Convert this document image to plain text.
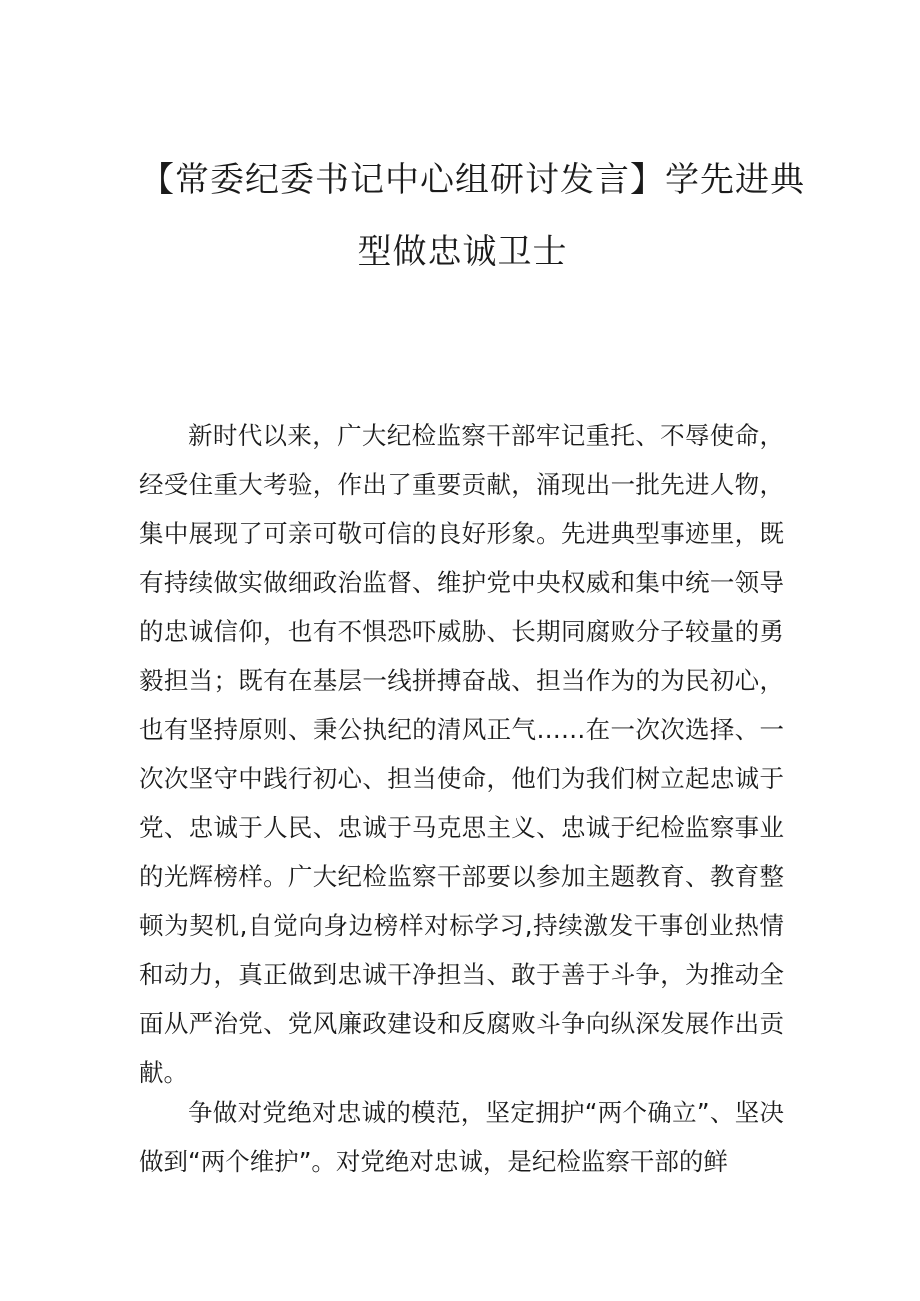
【常委纪委书记中心组研讨发言】学先进典
型做忠诚卫士

新时代以来，广大纪检监察干部牢记重托、不辱使命，经受住重大考验，作出了重要贡献，涌现出一批先进人物，集中展现了可亲可敬可信的良好形象。先进典型事迹里，既有持续做实做细政治监督、维护党中央权威和集中统一领导的忠诚信仰，也有不惧恐吓威胁、长期同腐败分子较量的勇毅担当；既有在基层一线拼搏奋战、担当作为的为民初心，也有坚持原则、秉公执纪的清风正气……在一次次选择、一次次坚守中践行初心、担当使命，他们为我们树立起忠诚于党、忠诚于人民、忠诚于马克思主义、忠诚于纪检监察事业的光辉榜样。广大纪检监察干部要以参加主题教育、教育整顿为契机,自觉向身边榜样对标学习,持续激发干事创业热情和动力，真正做到忠诚干净担当、敢于善于斗争，为推动全面从严治党、党风廉政建设和反腐败斗争向纵深发展作出贡献。

争做对党绝对忠诚的模范，坚定拥护“两个确立”、坚决做到“两个维护”。对党绝对忠诚，是纪检监察干部的鲜
